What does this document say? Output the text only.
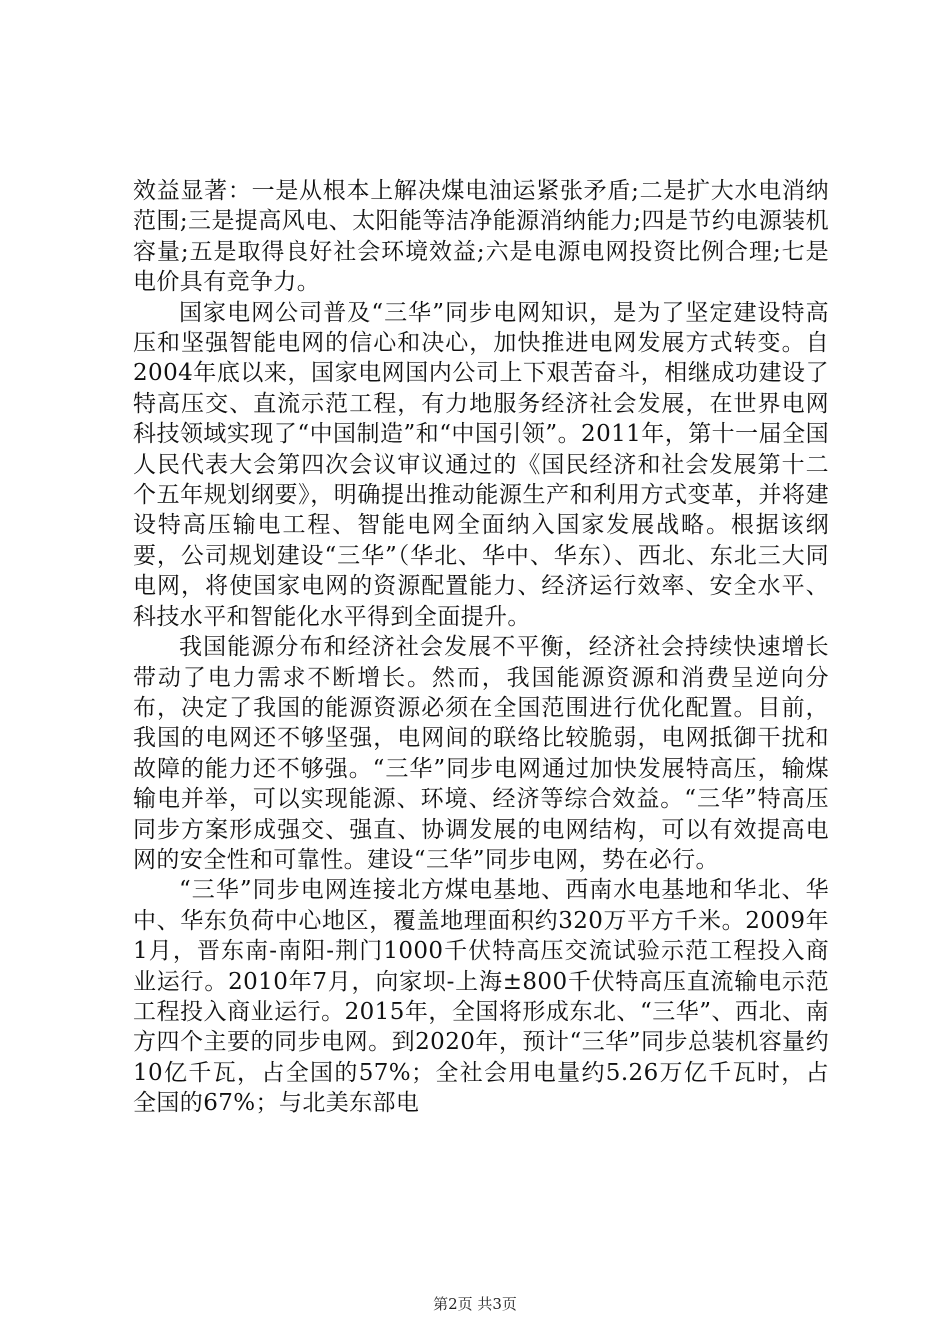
效益显著：一是从根本上解决煤电油运紧张矛盾;二是扩大水电消纳范围;三是提高风电、太阳能等洁净能源消纳能力;四是节约电源装机容量;五是取得良好社会环境效益;六是电源电网投资比例合理;七是电价具有竞争力。

国家电网公司普及“三华”同步电网知识，是为了坚定建设特高压和坚强智能电网的信心和决心，加快推进电网发展方式转变。自2004年底以来，国家电网国内公司上下艰苦奋斗，相继成功建设了特高压交、直流示范工程，有力地服务经济社会发展，在世界电网科技领域实现了“中国制造”和“中国引领”。2011年，第十一届全国人民代表大会第四次会议审议通过的《国民经济和社会发展第十二个五年规划纲要》，明确提出推动能源生产和利用方式变革，并将建设特高压输电工程、智能电网全面纳入国家发展战略。根据该纲要，公司规划建设“三华”（华北、华中、华东）、西北、东北三大同电网，将使国家电网的资源配置能力、经济运行效率、安全水平、科技水平和智能化水平得到全面提升。

我国能源分布和经济社会发展不平衡，经济社会持续快速增长带动了电力需求不断增长。然而，我国能源资源和消费呈逆向分布，决定了我国的能源资源必须在全国范围进行优化配置。目前，我国的电网还不够坚强，电网间的联络比较脆弱，电网抵御干扰和故障的能力还不够强。“三华”同步电网通过加快发展特高压，输煤输电并举，可以实现能源、环境、经济等综合效益。“三华”特高压同步方案形成强交、强直、协调发展的电网结构，可以有效提高电网的安全性和可靠性。建设“三华”同步电网，势在必行。

“三华”同步电网连接北方煤电基地、西南水电基地和华北、华中、华东负荷中心地区，覆盖地理面积约320万平方千米。2009年1月，晋东南-南阳-荆门1000千伏特高压交流试验示范工程投入商业运行。2010年7月，向家坝-上海±800千伏特高压直流输电示范工程投入商业运行。2015年，全国将形成东北、“三华”、西北、南方四个主要的同步电网。到2020年，预计“三华”同步总装机容量约10亿千瓦，占全国的57%；全社会用电量约5.26万亿千瓦时，占全国的67%；与北美东部电

第2页 共3页
